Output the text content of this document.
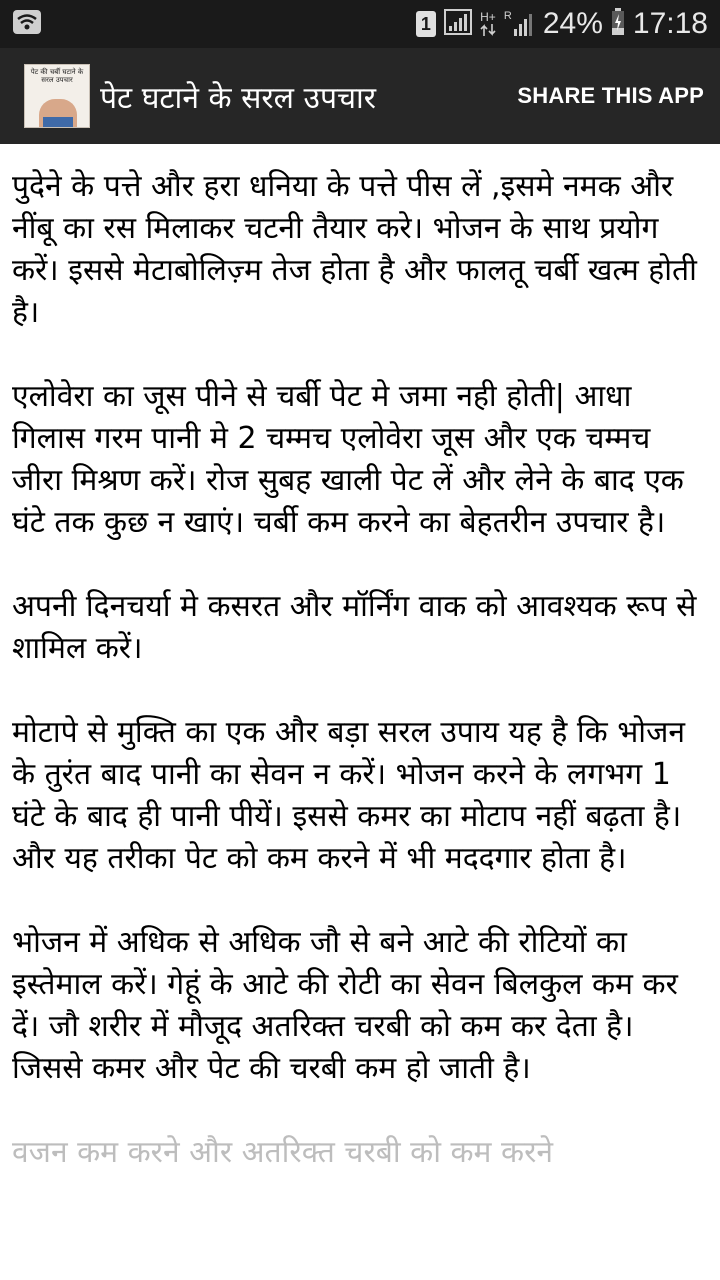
1	H+ R 24% 17:18
पेट की चर्बी घटाने के सरल उपचार
पेट घटाने के सरल उपचार	SHARE THIS APP

पुदेने के पत्ते और हरा धनिया के पत्ते पीस लें ,इसमे नमक और नींबू का रस मिलाकर चटनी तैयार करे। भोजन के साथ प्रयोग करें। इससे मेटाबोलिज़्म तेज होता है और फालतू चर्बी खत्म होती है।

एलोवेरा का जूस पीने से चर्बी पेट मे जमा नही होती| आधा गिलास गरम पानी मे 2 चम्मच एलोवेरा जूस और एक चम्मच जीरा मिश्रण करें। रोज सुबह खाली पेट लें और लेने के बाद एक घंटे तक कुछ न खाएं। चर्बी कम करने का बेहतरीन उपचार है।

अपनी दिनचर्या मे कसरत और मॉर्निंग वाक को आवश्यक रूप से शामिल करें।

मोटापे से मुक्ति का एक और बड़ा सरल उपाय यह है कि भोजन के तुरंत बाद पानी का सेवन न करें। भोजन करने के लगभग 1 घंटे के बाद ही पानी पीयें। इससे कमर का मोटाप नहीं बढ़ता है। और यह तरीका पेट को कम करने में भी मददगार होता है।

भोजन में अधिक से अधिक जौ से बने आटे की रोटियों का इस्तेमाल करें। गेहूं के आटे की रोटी का सेवन बिलकुल कम कर दें। जौ शरीर में मौजूद अतरिक्त चरबी को कम कर देता है। जिससे कमर और पेट की चरबी कम हो जाती है।

वजन कम करने और अतरिक्त चरबी को कम करने
